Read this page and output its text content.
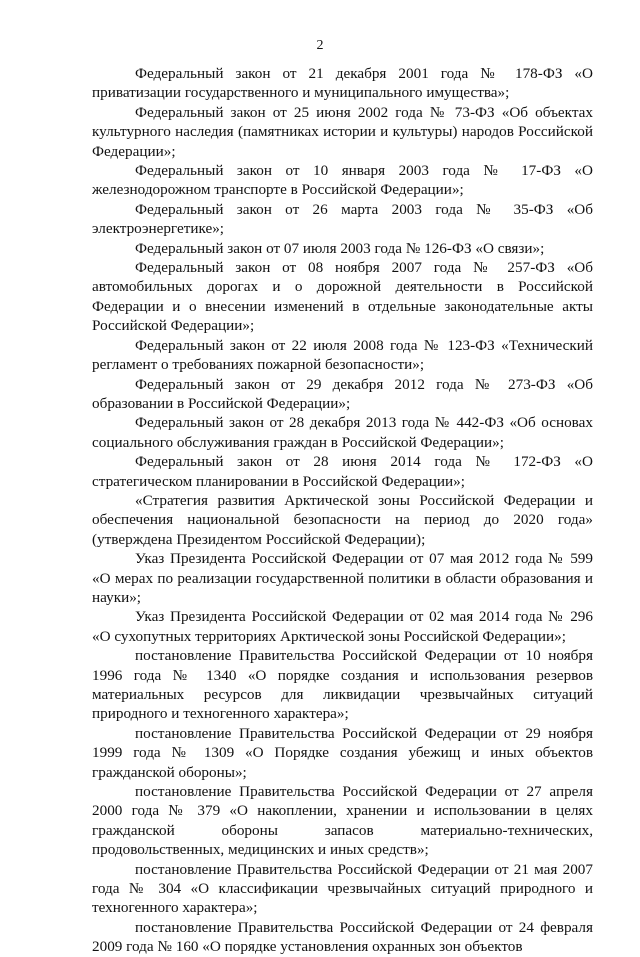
2

Федеральный закон от 21 декабря 2001 года № 178-ФЗ «О приватизации государственного и муниципального имущества»;

Федеральный закон от 25 июня 2002 года № 73-ФЗ «Об объектах культурного наследия (памятниках истории и культуры) народов Российской Федерации»;

Федеральный закон от 10 января 2003 года № 17-ФЗ «О железнодорожном транспорте в Российской Федерации»;

Федеральный закон от 26 марта 2003 года № 35-ФЗ «Об электроэнергетике»;

Федеральный закон от 07 июля 2003 года № 126-ФЗ «О связи»;

Федеральный закон от 08 ноября 2007 года № 257-ФЗ «Об автомобильных дорогах и о дорожной деятельности в Российской Федерации и о внесении изменений в отдельные законодательные акты Российской Федерации»;

Федеральный закон от 22 июля 2008 года № 123-ФЗ «Технический регламент о требованиях пожарной безопасности»;

Федеральный закон от 29 декабря 2012 года № 273-ФЗ «Об образовании в Российской Федерации»;

Федеральный закон от 28 декабря 2013 года № 442-ФЗ «Об основах социального обслуживания граждан в Российской Федерации»;

Федеральный закон от 28 июня 2014 года № 172-ФЗ «О стратегическом планировании в Российской Федерации»;

«Стратегия развития Арктической зоны Российской Федерации и обеспечения национальной безопасности на период до 2020 года» (утверждена Президентом Российской Федерации);

Указ Президента Российской Федерации от 07 мая 2012 года № 599 «О мерах по реализации государственной политики в области образования и науки»;

Указ Президента Российской Федерации от 02 мая 2014 года № 296 «О сухопутных территориях Арктической зоны Российской Федерации»;

постановление Правительства Российской Федерации от 10 ноября 1996 года № 1340 «О порядке создания и использования резервов материальных ресурсов для ликвидации чрезвычайных ситуаций природного и техногенного характера»;

постановление Правительства Российской Федерации от 29 ноября 1999 года № 1309 «О Порядке создания убежищ и иных объектов гражданской обороны»;

постановление Правительства Российской Федерации от 27 апреля 2000 года № 379 «О накоплении, хранении и использовании в целях гражданской обороны запасов материально-технических, продовольственных, медицинских и иных средств»;

постановление Правительства Российской Федерации от 21 мая 2007 года № 304 «О классификации чрезвычайных ситуаций природного и техногенного характера»;

постановление Правительства Российской Федерации от 24 февраля 2009 года № 160 «О порядке установления охранных зон объектов
